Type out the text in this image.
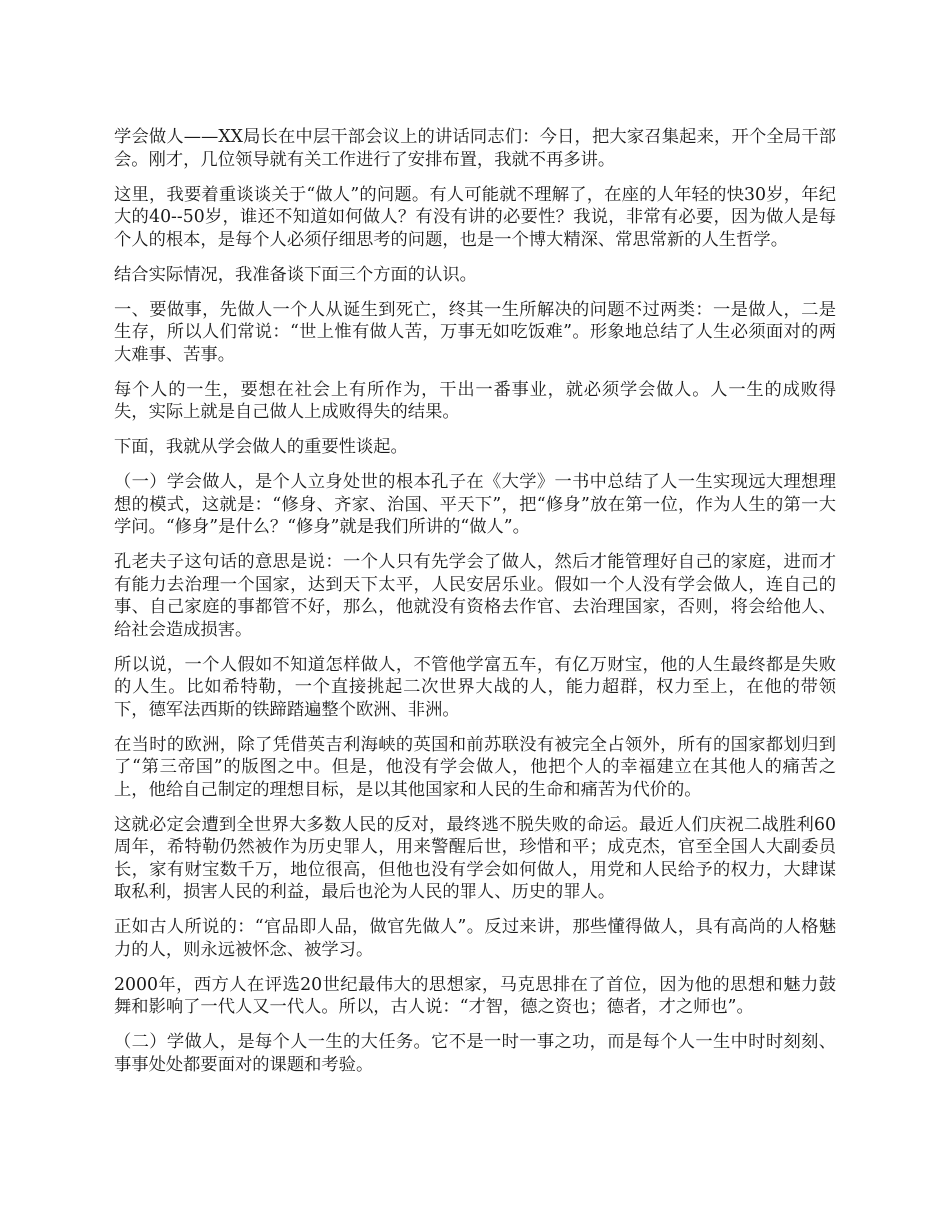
学会做人——XX局长在中层干部会议上的讲话同志们：今日，把大家召集起来，开个全局干部会。刚才，几位领导就有关工作进行了安排布置，我就不再多讲。

这里，我要着重谈谈关于“做人”的问题。有人可能就不理解了，在座的人年轻的快30岁，年纪大的40--50岁，谁还不知道如何做人？有没有讲的必要性？我说，非常有必要，因为做人是每个人的根本，是每个人必须仔细思考的问题，也是一个博大精深、常思常新的人生哲学。

结合实际情况，我准备谈下面三个方面的认识。

一、要做事，先做人一个人从诞生到死亡，终其一生所解决的问题不过两类：一是做人，二是生存，所以人们常说：“世上惟有做人苦，万事无如吃饭难”。形象地总结了人生必须面对的两大难事、苦事。

每个人的一生，要想在社会上有所作为，干出一番事业，就必须学会做人。人一生的成败得失，实际上就是自己做人上成败得失的结果。

下面，我就从学会做人的重要性谈起。

（一）学会做人，是个人立身处世的根本孔子在《大学》一书中总结了人一生实现远大理想理想的模式，这就是：“修身、齐家、治国、平天下”，把“修身”放在第一位，作为人生的第一大学问。“修身”是什么？“修身”就是我们所讲的“做人”。

孔老夫子这句话的意思是说：一个人只有先学会了做人，然后才能管理好自己的家庭，进而才有能力去治理一个国家，达到天下太平，人民安居乐业。假如一个人没有学会做人，连自己的事、自己家庭的事都管不好，那么，他就没有资格去作官、去治理国家，否则，将会给他人、给社会造成损害。

所以说，一个人假如不知道怎样做人，不管他学富五车，有亿万财宝，他的人生最终都是失败的人生。比如希特勒，一个直接挑起二次世界大战的人，能力超群，权力至上，在他的带领下，德军法西斯的铁蹄踏遍整个欧洲、非洲。

在当时的欧洲，除了凭借英吉利海峡的英国和前苏联没有被完全占领外，所有的国家都划归到了“第三帝国”的版图之中。但是，他没有学会做人，他把个人的幸福建立在其他人的痛苦之上，他给自己制定的理想目标，是以其他国家和人民的生命和痛苦为代价的。

这就必定会遭到全世界大多数人民的反对，最终逃不脱失败的命运。最近人们庆祝二战胜利60周年，希特勒仍然被作为历史罪人，用来警醒后世，珍惜和平；成克杰，官至全国人大副委员长，家有财宝数千万，地位很高，但他也没有学会如何做人，用党和人民给予的权力，大肆谋取私利，损害人民的利益，最后也沦为人民的罪人、历史的罪人。

正如古人所说的：“官品即人品，做官先做人”。反过来讲，那些懂得做人，具有高尚的人格魅力的人，则永远被怀念、被学习。

2000年，西方人在评选20世纪最伟大的思想家，马克思排在了首位，因为他的思想和魅力鼓舞和影响了一代人又一代人。所以，古人说：“才智，德之资也；德者，才之师也”。

（二）学做人，是每个人一生的大任务。它不是一时一事之功，而是每个人一生中时时刻刻、事事处处都要面对的课题和考验。
